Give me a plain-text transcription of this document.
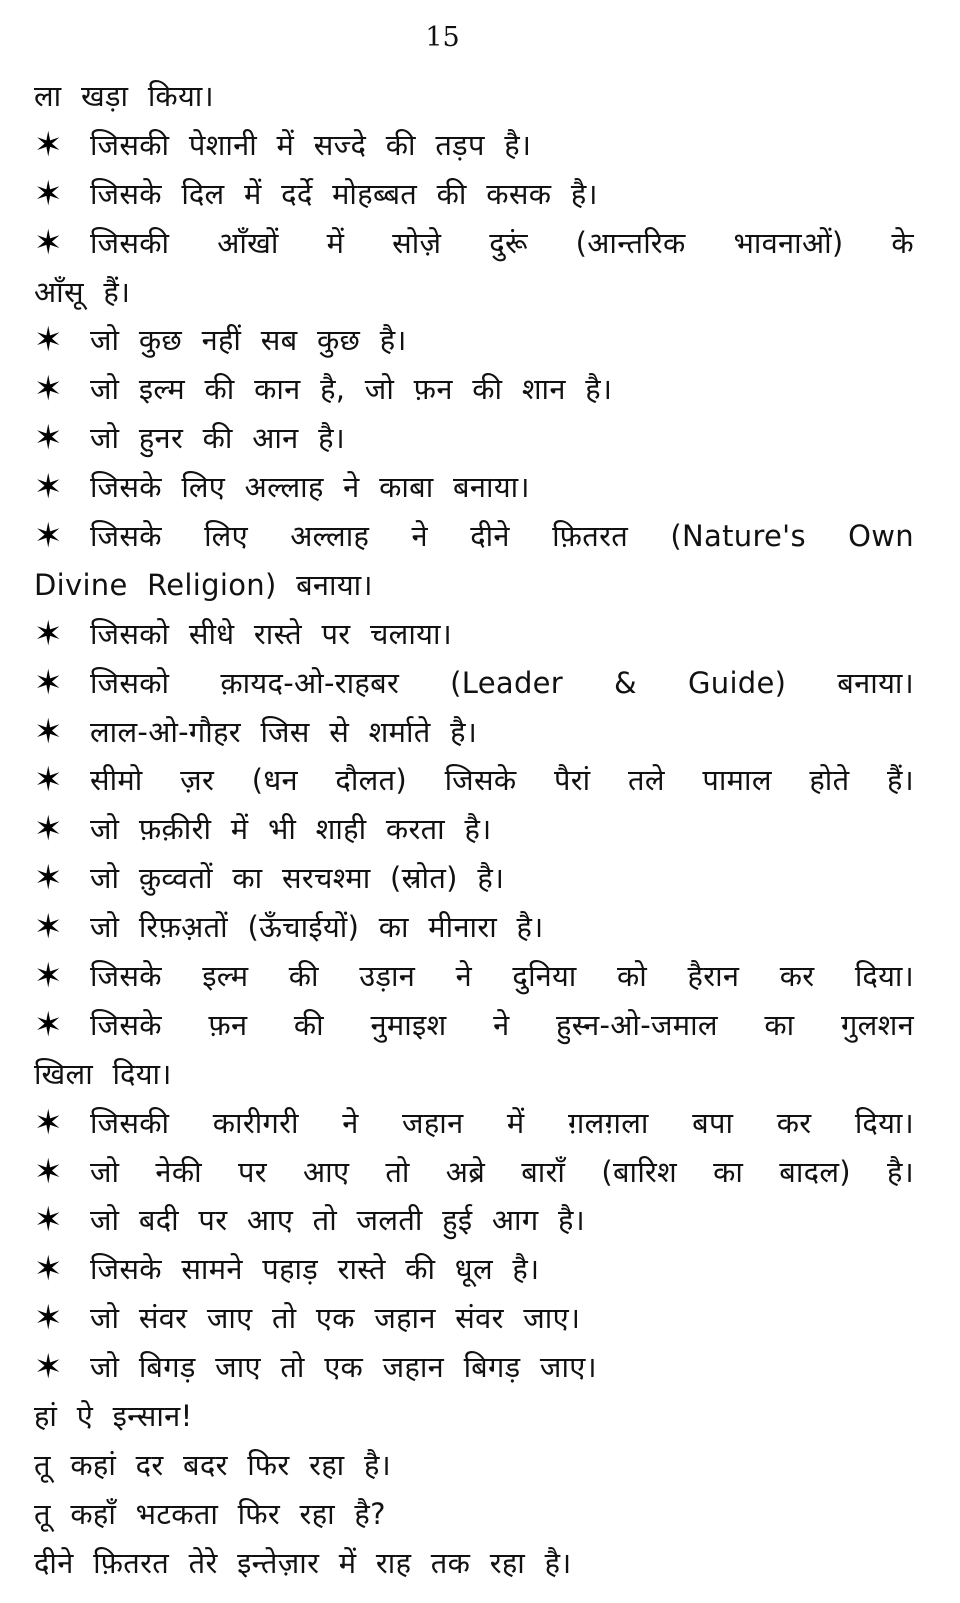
15
ला खड़ा किया।
✶ जिसकी पेशानी में सज्दे की तड़प है।
✶ जिसके दिल में दर्दे मोहब्बत की कसक है।
✶ जिसकी आँखों में सोज़े दुरूं (आन्तरिक भावनाओं) के
आँसू हैं।
✶ जो कुछ नहीं सब कुछ है।
✶ जो इल्म की कान है, जो फ़न की शान है।
✶ जो हुनर की आन है।
✶ जिसके लिए अल्लाह ने काबा बनाया।
✶ जिसके लिए अल्लाह ने दीने फ़ितरत (Nature's Own
Divine Religion) बनाया।
✶ जिसको सीधे रास्ते पर चलाया।
✶ जिसको क़ायद-ओ-राहबर (Leader & Guide) बनाया।
✶ लाल-ओ-गौहर जिस से शर्माते है।
✶ सीमो ज़र (धन दौलत) जिसके पैरां तले पामाल होते हैं।
✶ जो फ़क़ीरी में भी शाही करता है।
✶ जो क़ुव्वतों का सरचश्मा (स्रोत) है।
✶ जो रिफ़अ़तों (ऊँचाईयों) का मीनारा है।
✶ जिसके इल्म की उड़ान ने दुनिया को हैरान कर दिया।
✶ जिसके फ़न की नुमाइश ने हुस्न-ओ-जमाल का गुलशन
खिला दिया।
✶ जिसकी कारीगरी ने जहान में ग़लग़ला बपा कर दिया।
✶ जो नेकी पर आए तो अब्रे बाराँ (बारिश का बादल) है।
✶ जो बदी पर आए तो जलती हुई आग है।
✶ जिसके सामने पहाड़ रास्ते की धूल है।
✶ जो संवर जाए तो एक जहान संवर जाए।
✶ जो बिगड़ जाए तो एक जहान बिगड़ जाए।
हां ऐ इन्सान!
तू कहां दर बदर फिर रहा है।
तू कहाँ भटकता फिर रहा है?
दीने फ़ितरत तेरे इन्तेज़ार में राह तक रहा है।
